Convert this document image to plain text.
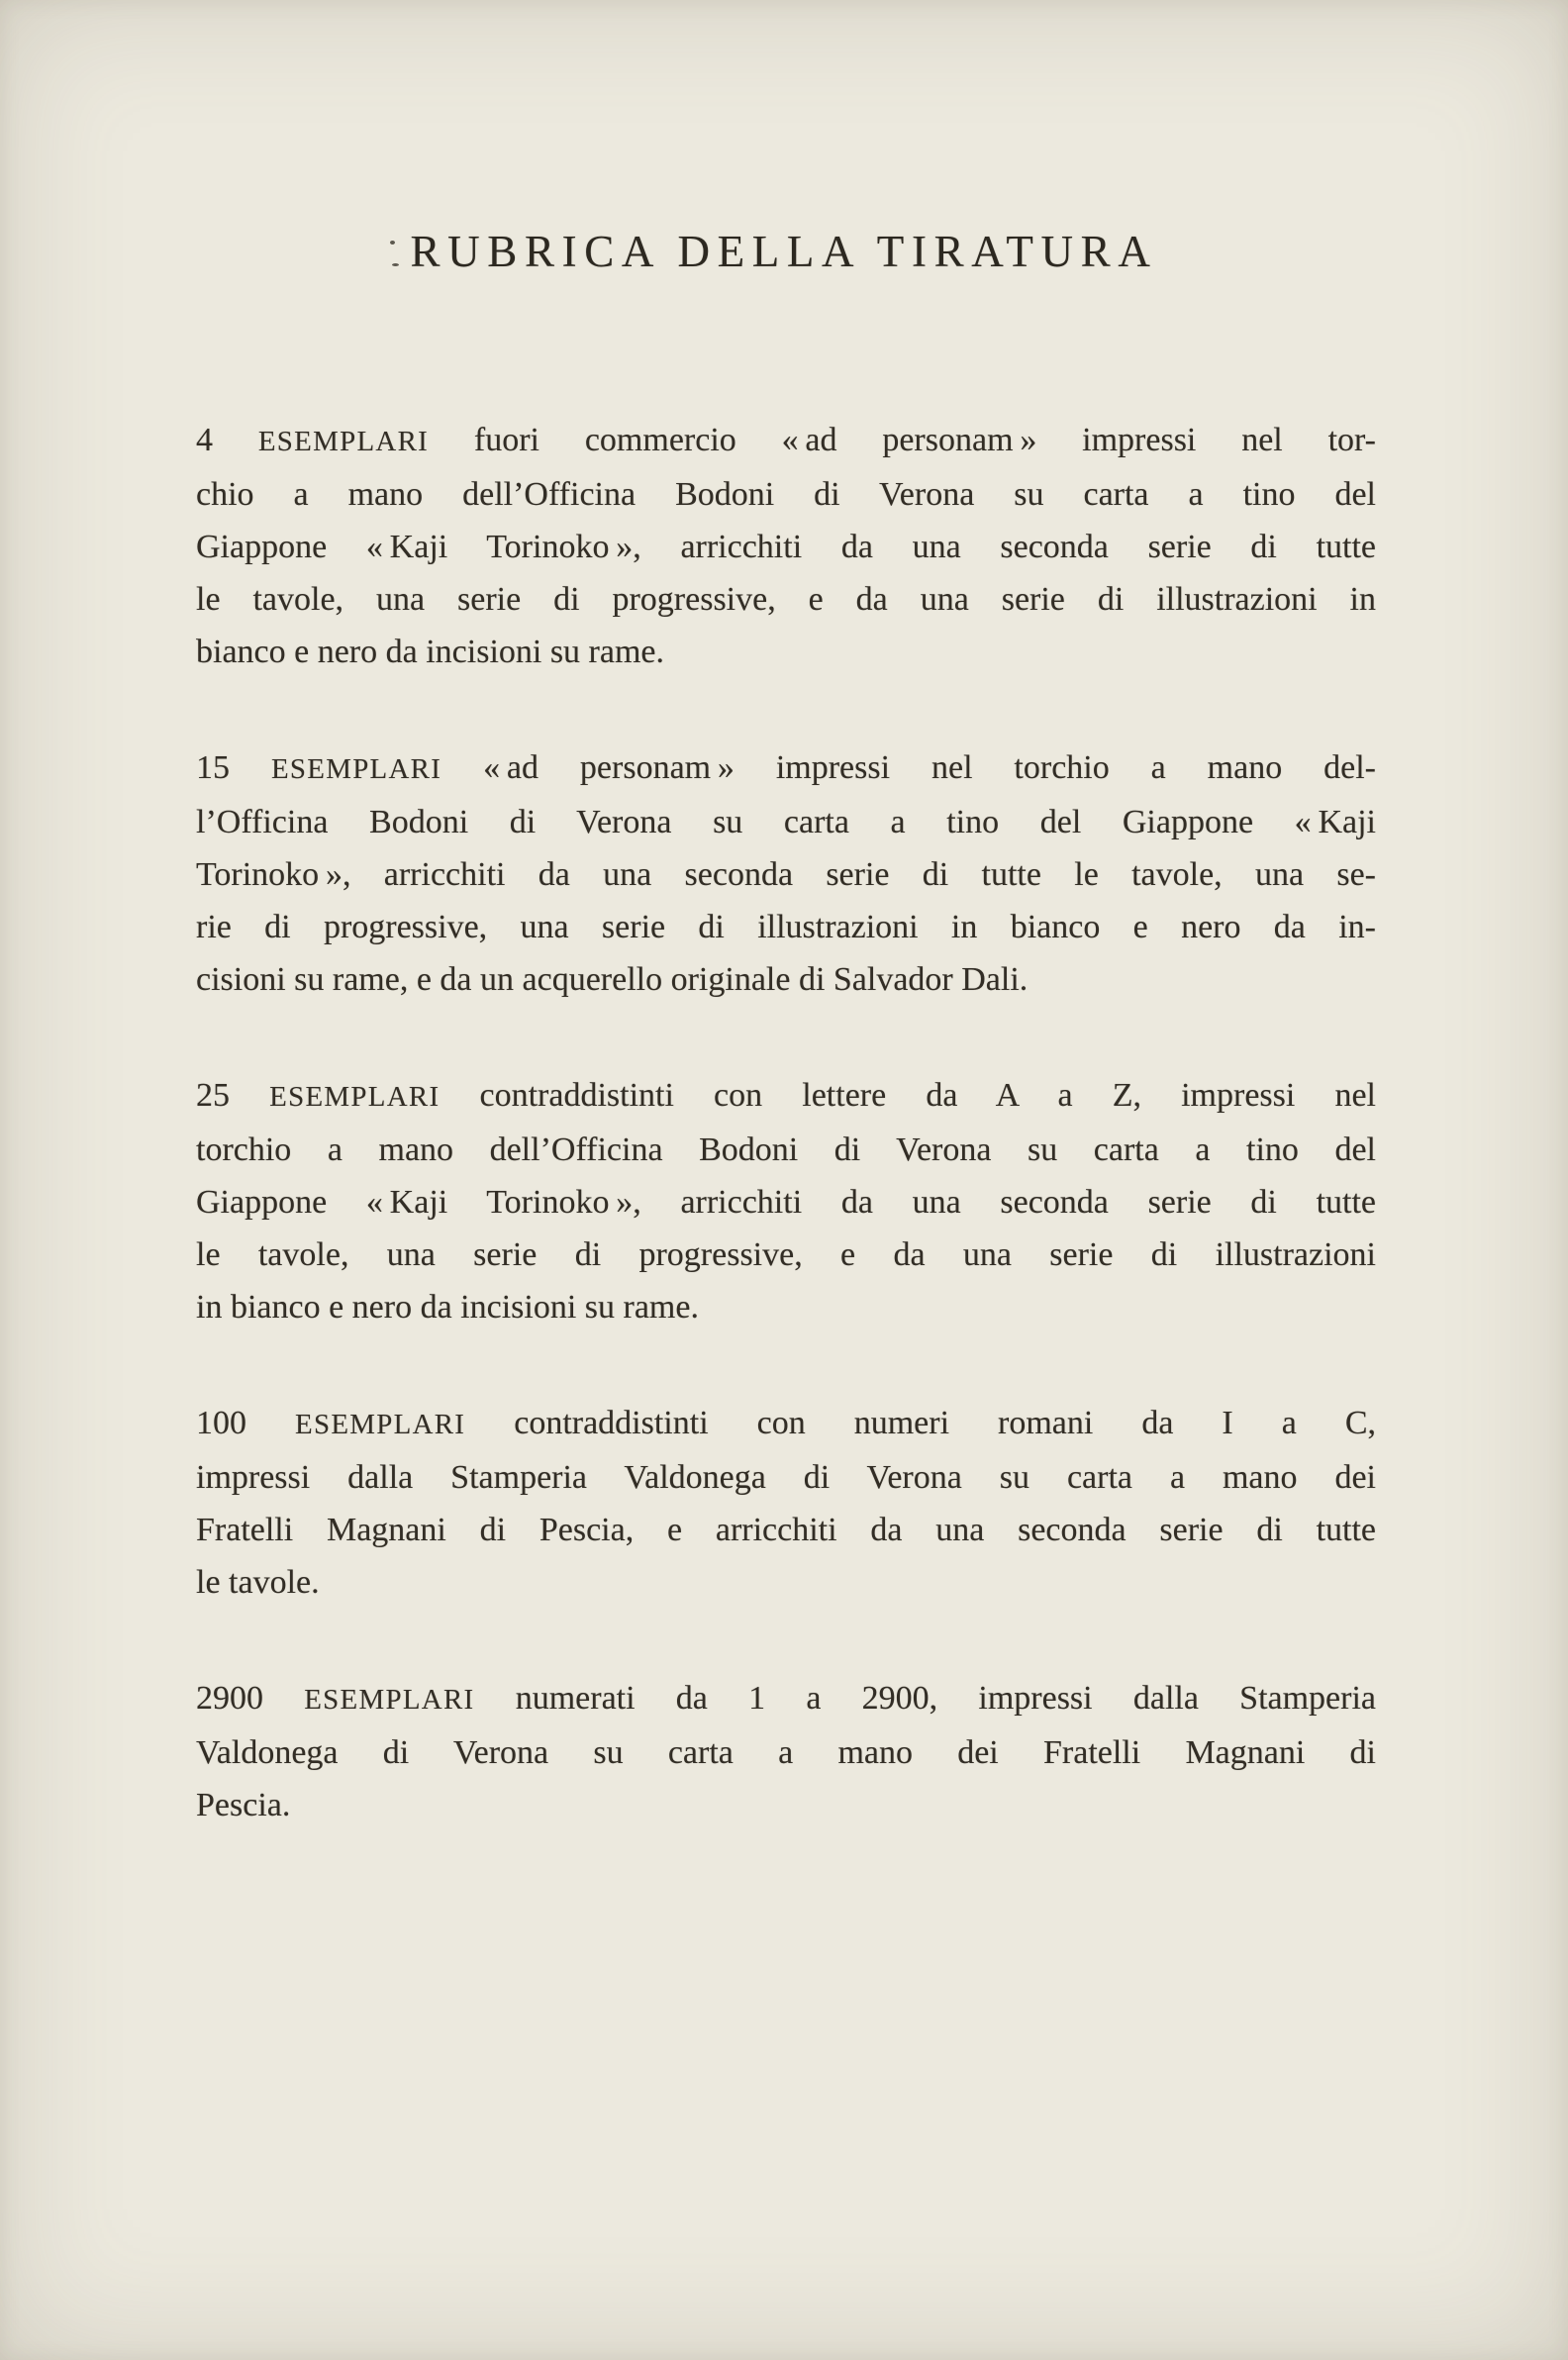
RUBRICA DELLA TIRATURA
4 ESEMPLARI fuori commercio « ad personam » impressi nel tor-
chio a mano dell’Officina Bodoni di Verona su carta a tino del
Giappone « Kaji Torinoko », arricchiti da una seconda serie di tutte
le tavole, una serie di progressive, e da una serie di illustrazioni in
bianco e nero da incisioni su rame.
15 ESEMPLARI « ad personam » impressi nel torchio a mano del-
l’Officina Bodoni di Verona su carta a tino del Giappone « Kaji
Torinoko », arricchiti da una seconda serie di tutte le tavole, una se-
rie di progressive, una serie di illustrazioni in bianco e nero da in-
cisioni su rame, e da un acquerello originale di Salvador Dali.
25 ESEMPLARI contraddistinti con lettere da A a Z, impressi nel
torchio a mano dell’Officina Bodoni di Verona su carta a tino del
Giappone « Kaji Torinoko », arricchiti da una seconda serie di tutte
le tavole, una serie di progressive, e da una serie di illustrazioni
in bianco e nero da incisioni su rame.
100 ESEMPLARI contraddistinti con numeri romani da I a C,
impressi dalla Stamperia Valdonega di Verona su carta a mano dei
Fratelli Magnani di Pescia, e arricchiti da una seconda serie di tutte
le tavole.
2900 ESEMPLARI numerati da 1 a 2900, impressi dalla Stamperia
Valdonega di Verona su carta a mano dei Fratelli Magnani di
Pescia.
